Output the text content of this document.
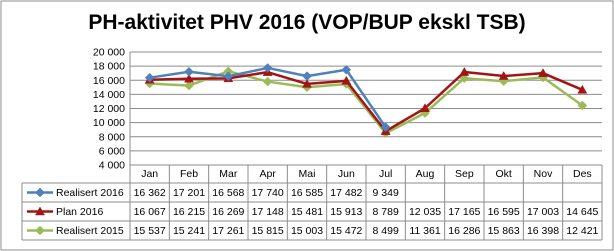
PH-aktivitet PHV 2016 (VOP/BUP ekskl TSB)
4 000
6 000
8 000
10 000
12 000
14 000
16 000
18 000
20 000
Jan Feb Mar Apr Mai Jun Jul Aug Sep Okt Nov Des
Realisert 2016 16 362 17 201 16 568 17 740 16 585 17 482 9 349
Plan 2016	16 067 16 215 16 269 17 148 15 481 15 913 8 789 12 035 17 165 16 595 17 003 14 645
Realisert 2015 15 537 15 241 17 261 15 815 15 003 15 472 8 499 11 361 16 286 15 863 16 398 12 421
